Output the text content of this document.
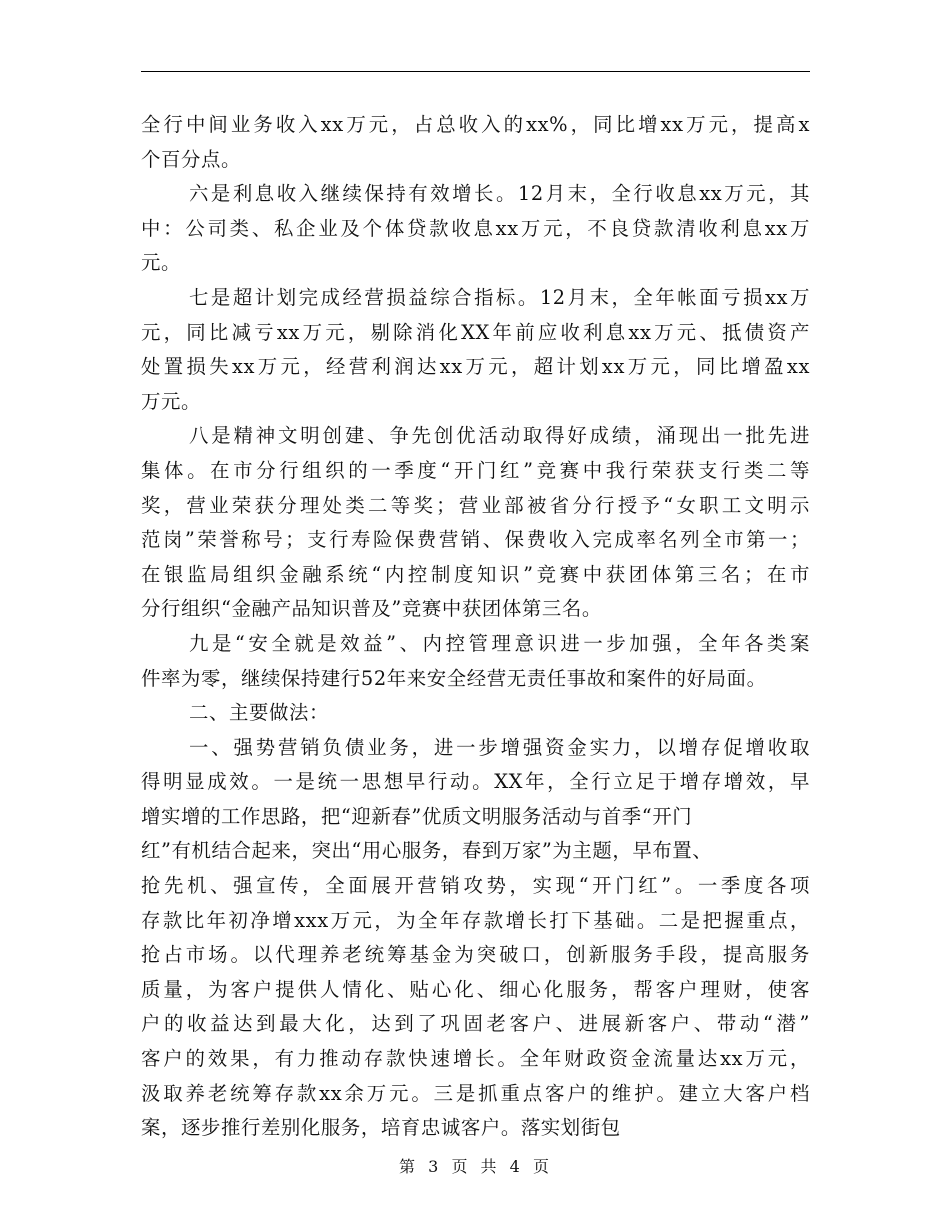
全行中间业务收入xx万元，占总收入的xx%，同比增xx万元，提高x
个百分点。
六是利息收入继续保持有效增长。12月末，全行收息xx万元，其
中：公司类、私企业及个体贷款收息xx万元，不良贷款清收利息xx万
元。
七是超计划完成经营损益综合指标。12月末，全年帐面亏损xx万
元，同比减亏xx万元，剔除消化XX年前应收利息xx万元、抵债资产
处置损失xx万元，经营利润达xx万元，超计划xx万元，同比增盈xx
万元。
八是精神文明创建、争先创优活动取得好成绩，涌现出一批先进
集体。在市分行组织的一季度“开门红”竞赛中我行荣获支行类二等
奖，营业荣获分理处类二等奖；营业部被省分行授予“女职工文明示
范岗”荣誉称号；支行寿险保费营销、保费收入完成率名列全市第一；
在银监局组织金融系统“内控制度知识”竞赛中获团体第三名；在市
分行组织“金融产品知识普及”竞赛中获团体第三名。
九是“安全就是效益”、内控管理意识进一步加强，全年各类案
件率为零，继续保持建行52年来安全经营无责任事故和案件的好局面。
二、主要做法：
一、强势营销负债业务，进一步增强资金实力，以增存促增收取
得明显成效。一是统一思想早行动。XX年，全行立足于增存增效，早
增实增的工作思路，把“迎新春”优质文明服务活动与首季“开门
红”有机结合起来，突出“用心服务，春到万家”为主题，早布置、
抢先机、强宣传，全面展开营销攻势，实现“开门红”。一季度各项
存款比年初净增xxx万元，为全年存款增长打下基础。二是把握重点，
抢占市场。以代理养老统筹基金为突破口，创新服务手段，提高服务
质量，为客户提供人情化、贴心化、细心化服务，帮客户理财，使客
户的收益达到最大化，达到了巩固老客户、进展新客户、带动“潜”
客户的效果，有力推动存款快速增长。全年财政资金流量达xx万元，
汲取养老统筹存款xx余万元。三是抓重点客户的维护。建立大客户档
案，逐步推行差别化服务，培育忠诚客户。落实划街包
第 3 页 共 4 页
